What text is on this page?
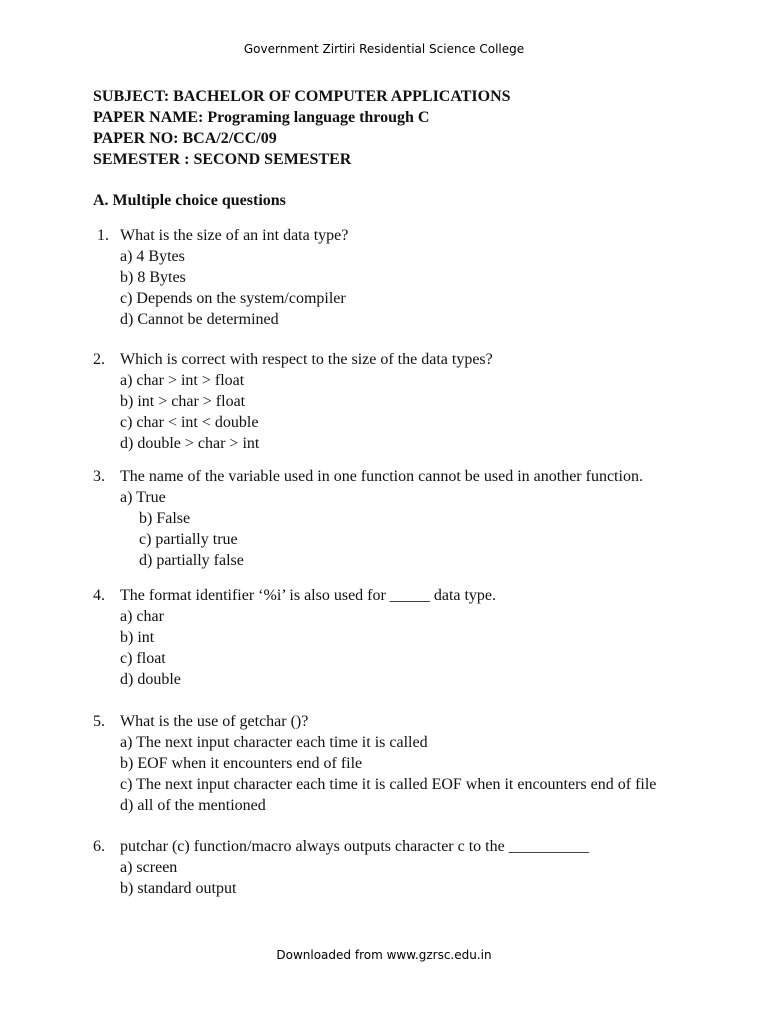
Government Zirtiri Residential Science College
SUBJECT: BACHELOR OF COMPUTER APPLICATIONS
PAPER NAME: Programing language through C
PAPER NO: BCA/2/CC/09
SEMESTER : SECOND SEMESTER
A. Multiple choice questions
1. What is the size of an int data type?
a) 4 Bytes
b) 8 Bytes
c) Depends on the system/compiler
d) Cannot be determined
2. Which is correct with respect to the size of the data types?
a) char > int > float
b) int > char > float
c) char < int < double
d) double > char > int
3. The name of the variable used in one function cannot be used in another function.
a) True
b) False
c) partially true
d) partially false
4. The format identifier ‘%i’ is also used for _____ data type.
a) char
b) int
c) float
d) double
5. What is the use of getchar ()?
a) The next input character each time it is called
b) EOF when it encounters end of file
c) The next input character each time it is called EOF when it encounters end of file
d) all of the mentioned
6. putchar (c) function/macro always outputs character c to the __________
a) screen
b) standard output
Downloaded from www.gzrsc.edu.in
